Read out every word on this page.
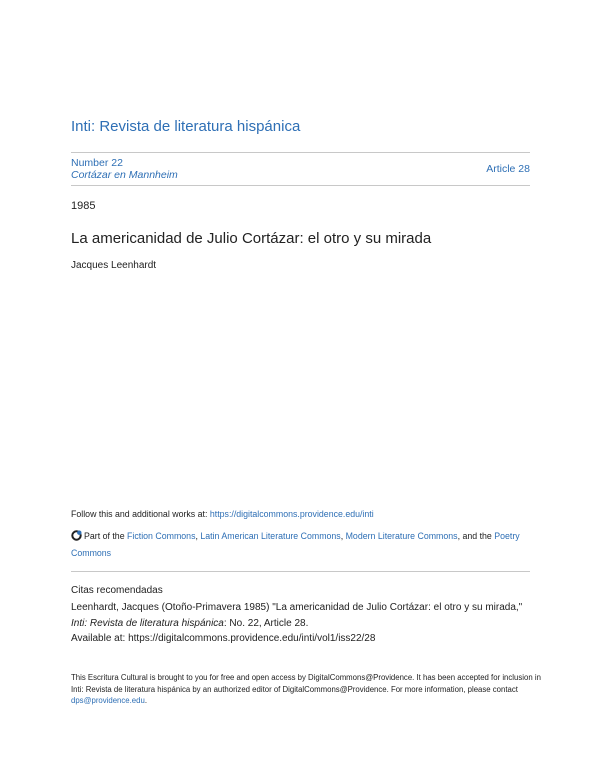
Inti: Revista de literatura hispánica
Number 22
Cortázar en Mannheim	Article 28
1985
La americanidad de Julio Cortázar: el otro y su mirada
Jacques Leenhardt
Follow this and additional works at: https://digitalcommons.providence.edu/inti
Part of the Fiction Commons, Latin American Literature Commons, Modern Literature Commons, and the Poetry Commons
Citas recomendadas
Leenhardt, Jacques (Otoño-Primavera 1985) "La americanidad de Julio Cortázar: el otro y su mirada," Inti: Revista de literatura hispánica: No. 22, Article 28.
Available at: https://digitalcommons.providence.edu/inti/vol1/iss22/28
This Escritura Cultural is brought to you for free and open access by DigitalCommons@Providence. It has been accepted for inclusion in Inti: Revista de literatura hispánica by an authorized editor of DigitalCommons@Providence. For more information, please contact dps@providence.edu.
